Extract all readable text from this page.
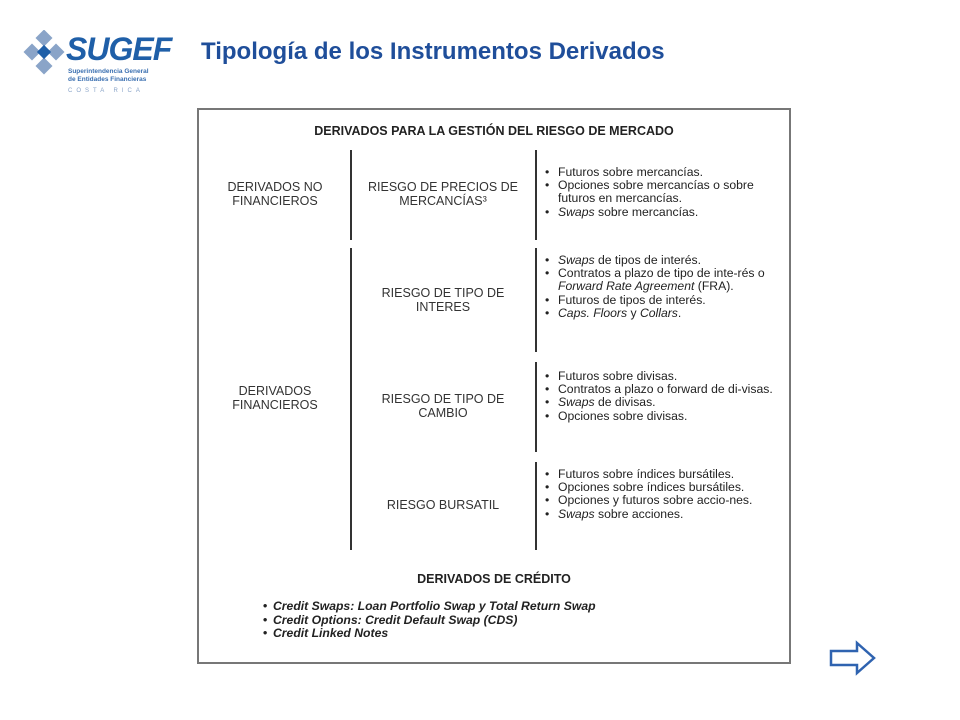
SUGEF
Superintendencia General
de Entidades Financieras
COSTA RICA
Tipología de los Instrumentos Derivados
DERIVADOS PARA LA GESTIÓN DEL RIESGO DE MERCADO
DERIVADOS NO
FINANCIEROS
DERIVADOS
FINANCIEROS
RIESGO DE PRECIOS DE
MERCANCÍAS³
RIESGO DE TIPO DE
INTERES
RIESGO DE TIPO DE
CAMBIO
RIESGO BURSATIL
• Futuros sobre mercancías.
• Opciones sobre mercancías o sobre futuros en mercancías.
• Swaps sobre mercancías.
• Swaps de tipos de interés.
• Contratos a plazo de tipo de inte-rés o Forward Rate Agreement (FRA).
• Futuros de tipos de interés.
• Caps. Floors y Collars.
• Futuros sobre divisas.
• Contratos a plazo o forward de di-visas.
• Swaps de divisas.
• Opciones sobre divisas.
• Futuros sobre índices bursátiles.
• Opciones sobre índices bursátiles.
• Opciones y futuros sobre accio-nes.
• Swaps sobre acciones.
DERIVADOS DE CRÉDITO
• Credit Swaps: Loan Portfolio Swap y Total Return Swap
• Credit Options: Credit Default Swap (CDS)
• Credit Linked Notes
